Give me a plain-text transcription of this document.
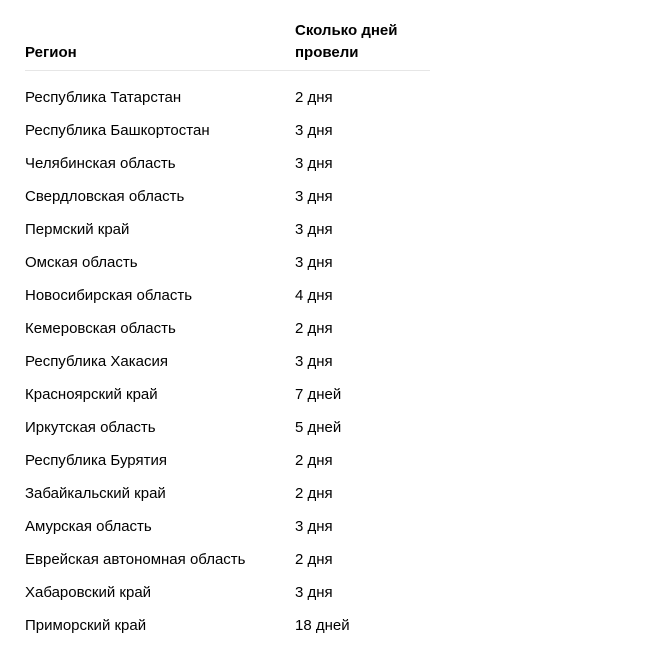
Регион	Сколько дней провели
Республика Татарстан	2 дня
Республика Башкортостан	3 дня
Челябинская область	3 дня
Свердловская область	3 дня
Пермский край	3 дня
Омская область	3 дня
Новосибирская область	4 дня
Кемеровская область	2 дня
Республика Хакасия	3 дня
Красноярский край	7 дней
Иркутская область	5 дней
Республика Бурятия	2 дня
Забайкальский край	2 дня
Амурская область	3 дня
Еврейская автономная область	2 дня
Хабаровский край	3 дня
Приморский край	18 дней
